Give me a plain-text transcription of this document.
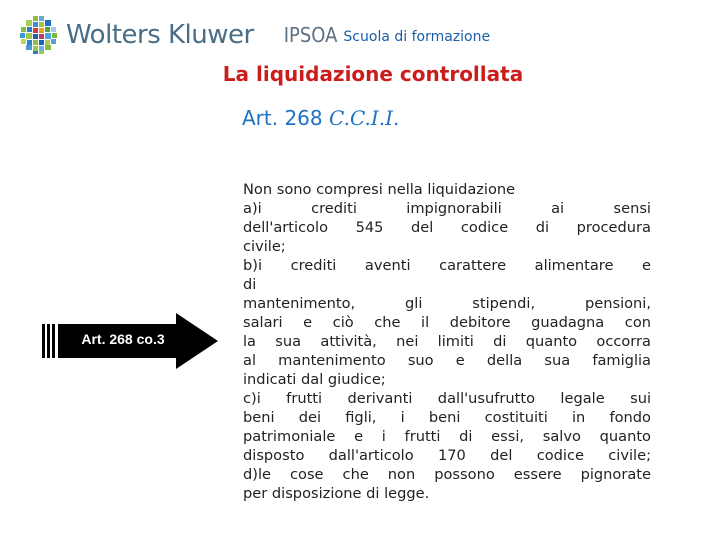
Wolters Kluwer IPSOA Scuola di formazione
La liquidazione controllata
Art. 268 C.C.I.I.
Art. 268 co.3
Non sono compresi nella liquidazione
a)i crediti impignorabili ai sensi
dell'articolo 545 del codice di procedura
civile;
b)i crediti aventi carattere alimentare e
di
mantenimento, gli stipendi, pensioni,
salari e ciò che il debitore guadagna con
la sua attività, nei limiti di quanto occorra
al mantenimento suo e della sua famiglia
indicati dal giudice;
c)i frutti derivanti dall'usufrutto legale sui
beni dei figli, i beni costituiti in fondo
patrimoniale e i frutti di essi, salvo quanto
disposto dall'articolo 170 del codice civile;
d)le cose che non possono essere pignorate
per disposizione di legge.
